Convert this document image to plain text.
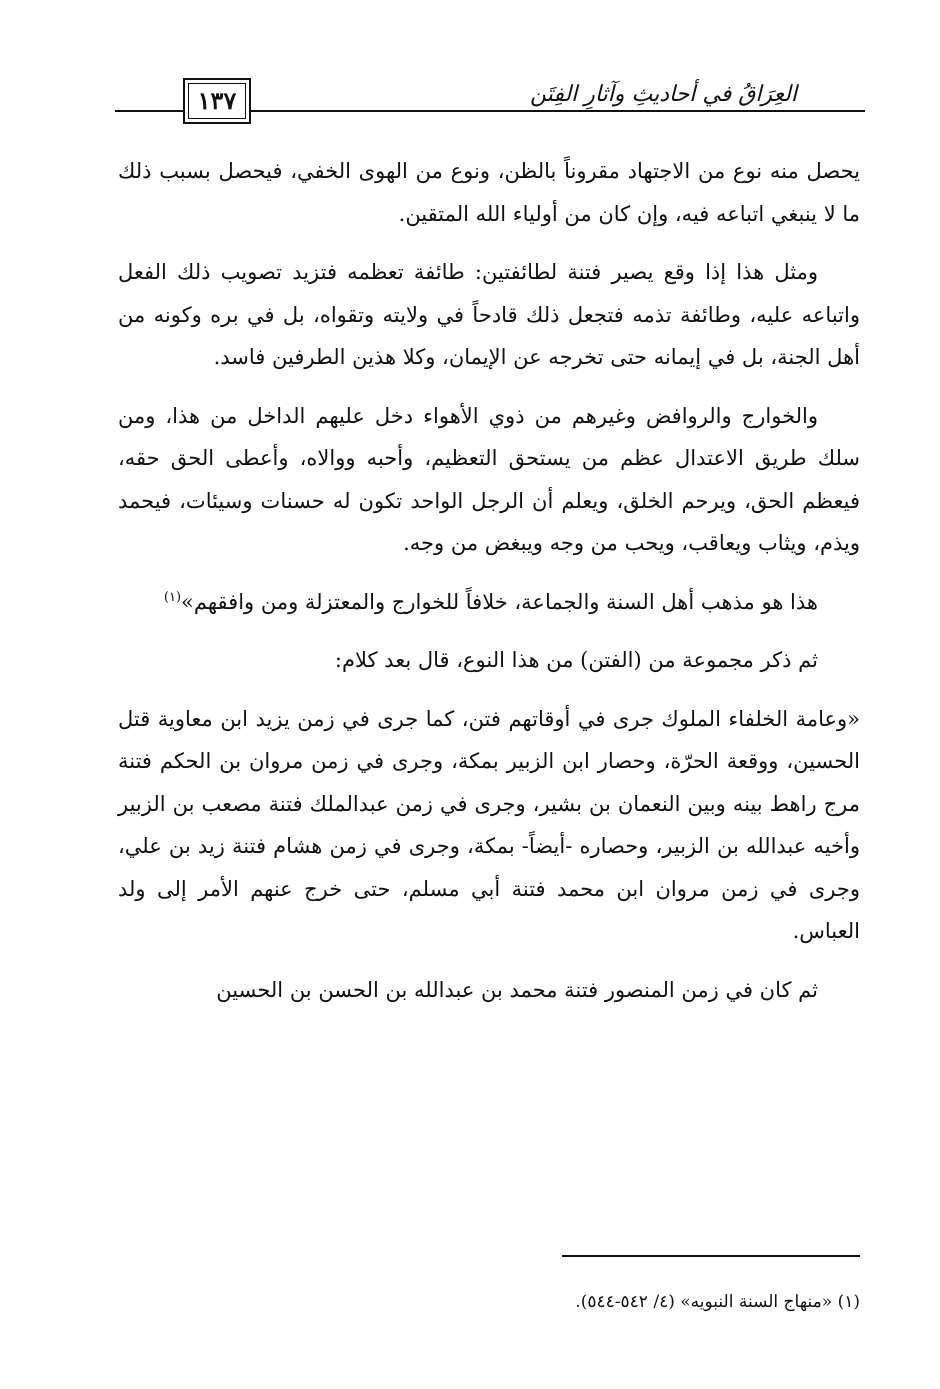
١٣٧	العِرَاقُ في أحاديثِ وآثارِ الفِتَن

يحصل منه نوع من الاجتهاد مقروناً بالظن، ونوع من الهوى الخفي، فيحصل بسبب ذلك ما لا ينبغي اتباعه فيه، وإن كان من أولياء الله المتقين.

ومثل هذا إذا وقع يصير فتنة لطائفتين: طائفة تعظمه فتزيد تصويب ذلك الفعل واتباعه عليه، وطائفة تذمه فتجعل ذلك قادحاً في ولايته وتقواه، بل في بره وكونه من أهل الجنة، بل في إيمانه حتى تخرجه عن الإيمان، وكلا هذين الطرفين فاسد.

والخوارج والروافض وغيرهم من ذوي الأهواء دخل عليهم الداخل من هذا، ومن سلك طريق الاعتدال عظم من يستحق التعظيم، وأحبه ووالاه، وأعطى الحق حقه، فيعظم الحق، ويرحم الخلق، ويعلم أن الرجل الواحد تكون له حسنات وسيئات، فيحمد ويذم، ويثاب ويعاقب، ويحب من وجه ويبغض من وجه.

هذا هو مذهب أهل السنة والجماعة، خلافاً للخوارج والمعتزلة ومن وافقهم»$^{(١)}$

ثم ذكر مجموعة من (الفتن) من هذا النوع، قال بعد كلام:

«وعامة الخلفاء الملوك جرى في أوقاتهم فتن، كما جرى في زمن يزيد ابن معاوية قتل الحسين، ووقعة الحرّة، وحصار ابن الزبير بمكة، وجرى في زمن مروان بن الحكم فتنة مرج راهط بينه وبين النعمان بن بشير، وجرى في زمن عبدالملك فتنة مصعب بن الزبير وأخيه عبدالله بن الزبير، وحصاره -أيضاً- بمكة، وجرى في زمن هشام فتنة زيد بن علي، وجرى في زمن مروان ابن محمد فتنة أبي مسلم، حتى خرج عنهم الأمر إلى ولد العباس.

ثم كان في زمن المنصور فتنة محمد بن عبدالله بن الحسن بن الحسين

(١) «منهاج السنة النبويه» (٤/ ٥٤٢-٥٤٤).
